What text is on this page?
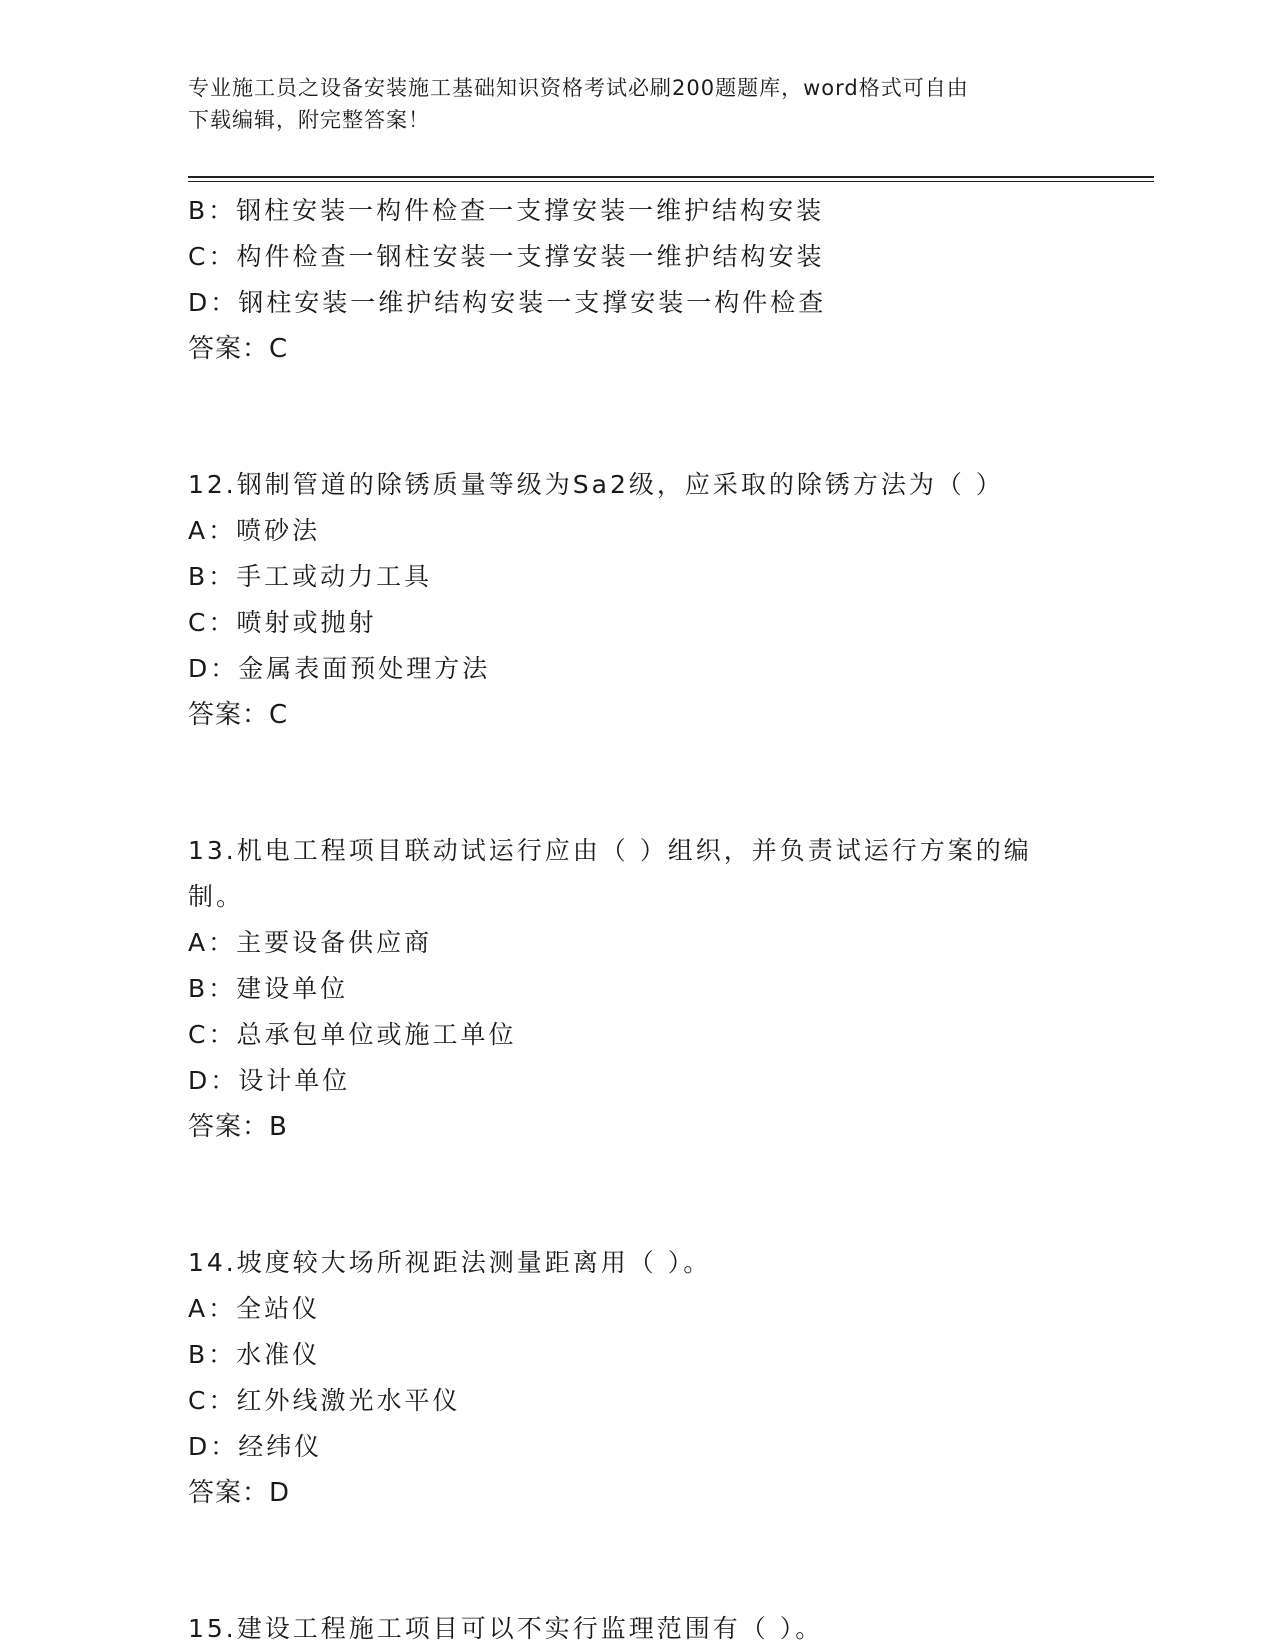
专业施工员之设备安装施工基础知识资格考试必刷200题题库，word格式可自由
下载编辑，附完整答案！
B：钢柱安装一构件检查一支撑安装一维护结构安装
C：构件检查一钢柱安装一支撑安装一维护结构安装
D：钢柱安装一维护结构安装一支撑安装一构件检查
答案：C
12.钢制管道的除锈质量等级为Sa2级，应采取的除锈方法为（ ）
A：喷砂法
B：手工或动力工具
C：喷射或抛射
D：金属表面预处理方法
答案：C
13.机电工程项目联动试运行应由（ ）组织，并负责试运行方案的编
制。
A：主要设备供应商
B：建设单位
C：总承包单位或施工单位
D：设计单位
答案：B
14.坡度较大场所视距法测量距离用（ ）。
A：全站仪
B：水准仪
C：红外线激光水平仪
D：经纬仪
答案：D
15.建设工程施工项目可以不实行监理范围有（ ）。
